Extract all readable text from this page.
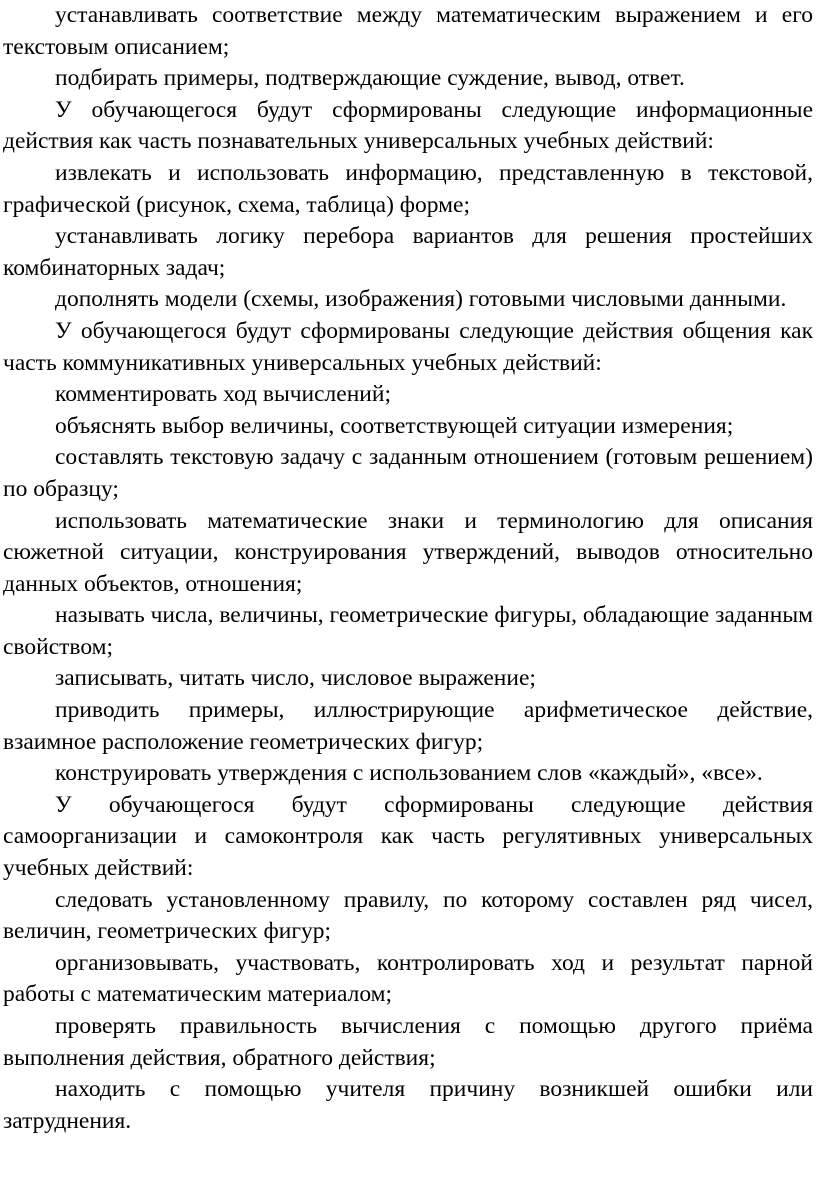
устанавливать соответствие между математическим выражением и его текстовым описанием;

подбирать примеры, подтверждающие суждение, вывод, ответ.

У обучающегося будут сформированы следующие информационные действия как часть познавательных универсальных учебных действий:

извлекать и использовать информацию, представленную в текстовой, графической (рисунок, схема, таблица) форме;

устанавливать логику перебора вариантов для решения простейших комбинаторных задач;

дополнять модели (схемы, изображения) готовыми числовыми данными.

У обучающегося будут сформированы следующие действия общения как часть коммуникативных универсальных учебных действий:

комментировать ход вычислений;

объяснять выбор величины, соответствующей ситуации измерения;

составлять текстовую задачу с заданным отношением (готовым решением) по образцу;

использовать математические знаки и терминологию для описания сюжетной ситуации, конструирования утверждений, выводов относительно данных объектов, отношения;

называть числа, величины, геометрические фигуры, обладающие заданным свойством;

записывать, читать число, числовое выражение;

приводить примеры, иллюстрирующие арифметическое действие, взаимное расположение геометрических фигур;

конструировать утверждения с использованием слов «каждый», «все».

У обучающегося будут сформированы следующие действия самоорганизации и самоконтроля как часть регулятивных универсальных учебных действий:

следовать установленному правилу, по которому составлен ряд чисел, величин, геометрических фигур;

организовывать, участвовать, контролировать ход и результат парной работы с математическим материалом;

проверять правильность вычисления с помощью другого приёма выполнения действия, обратного действия;

находить с помощью учителя причину возникшей ошибки или затруднения.
